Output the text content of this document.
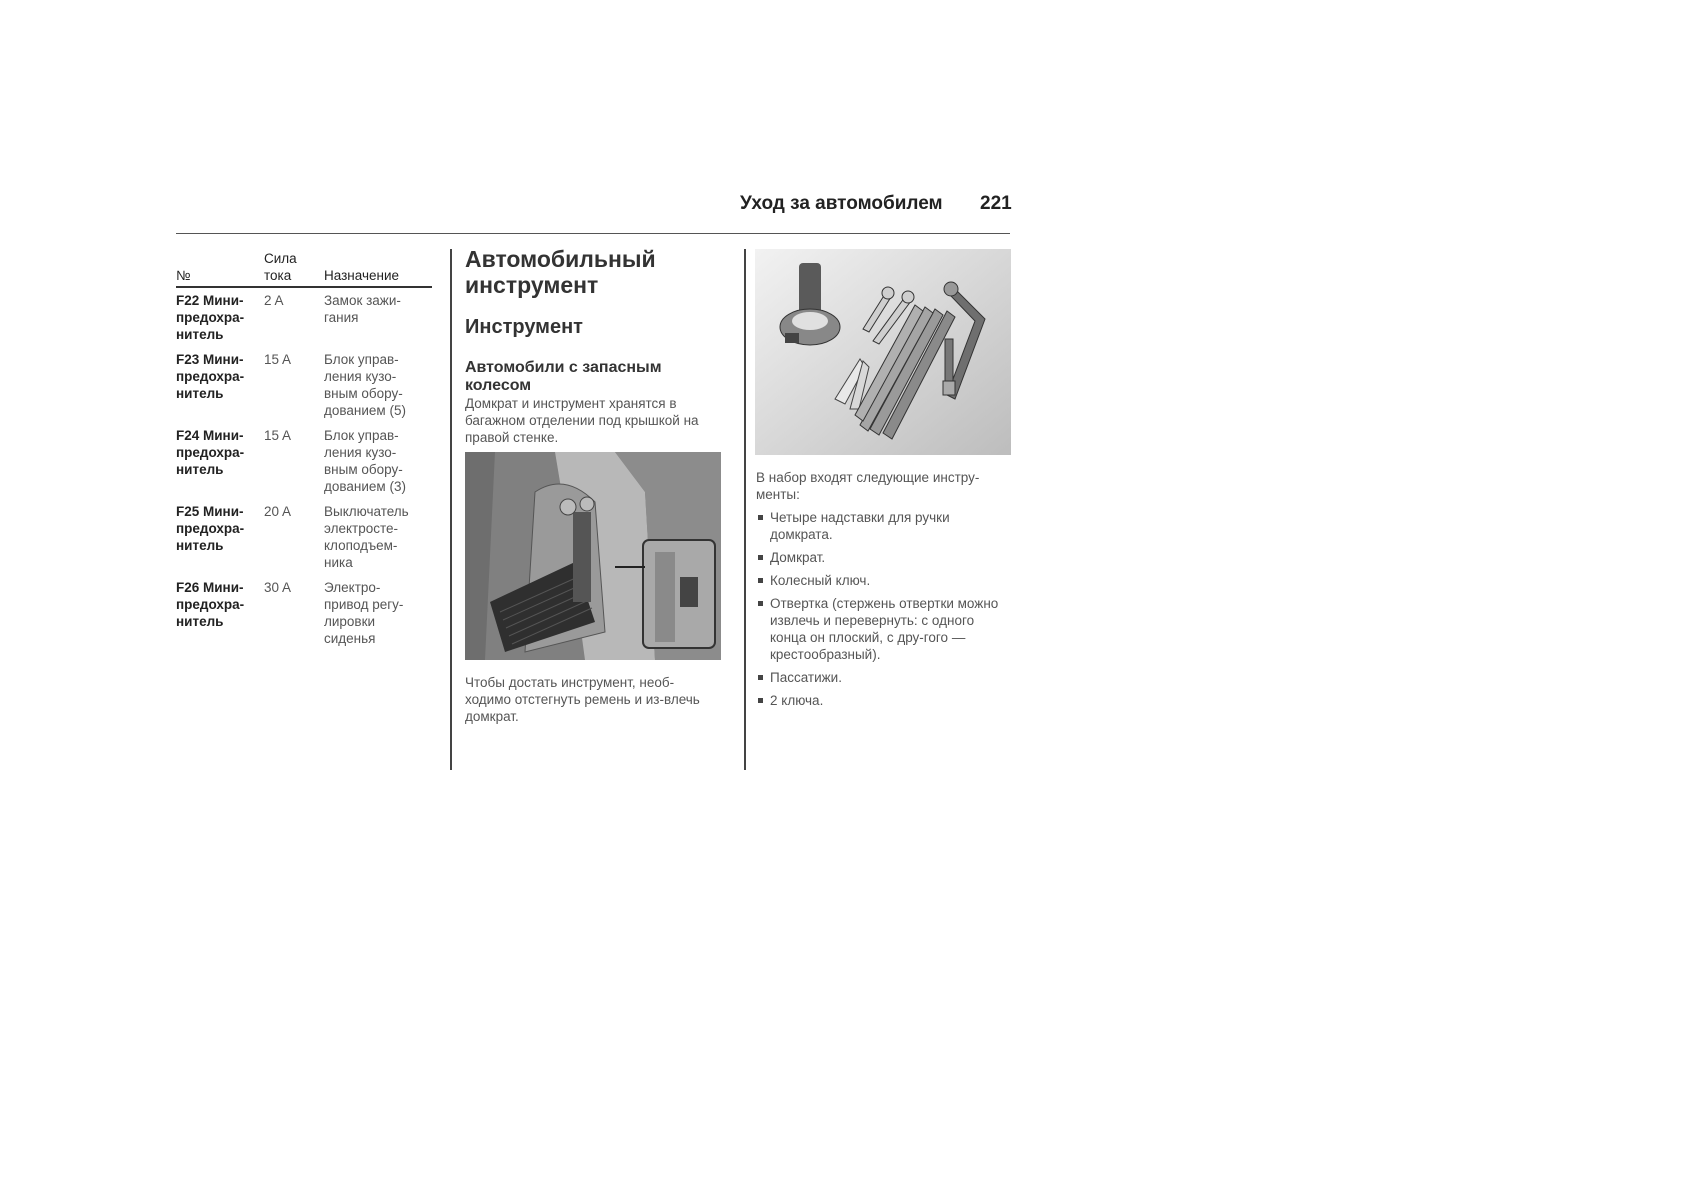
Уход за автомобилем 221
№	Сила тока	Назначение
F22 Мини-предохра-нитель	2 A	Замок зажи-гания
F23 Мини-предохра-нитель	15 A	Блок управ-ления кузо-вным обору-дованием (5)
F24 Мини-предохра-нитель	15 A	Блок управ-ления кузо-вным обору-дованием (3)
F25 Мини-предохра-нитель	20 A	Выключатель электросте-клоподъем-ника
F26 Мини-предохра-нитель	30 A	Электро-привод регу-лировки сиденья
Автомобильный инструмент
Инструмент
Автомобили с запасным колесом

Домкрат и инструмент хранятся в багажном отделении под крышкой на правой стенке.

Чтобы достать инструмент, необ-ходимо отстегнуть ремень и из-влечь домкрат.

В набор входят следующие инстру-менты:

Четыре надставки для ручки домкрата.
Домкрат.
Колесный ключ.
Отвертка (стержень отвертки можно извлечь и перевернуть: с одного конца он плоский, с дру-гого — крестообразный).
Пассатижи.
2 ключа.
